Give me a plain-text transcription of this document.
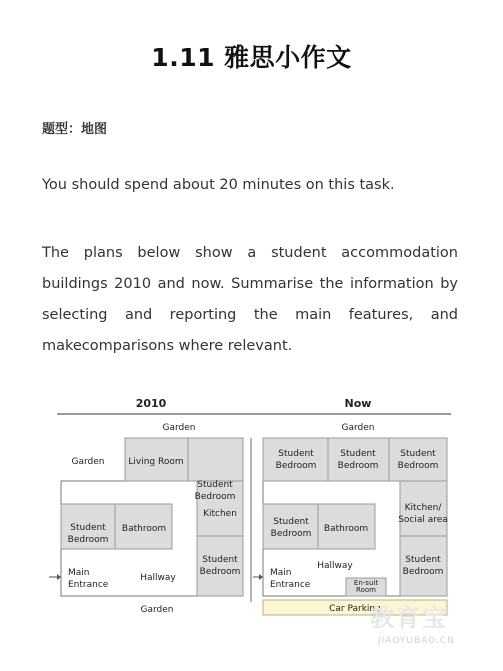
1.11 雅思小作文
题型：地图
You should spend about 20 minutes on this task.
The plans below show a student accommodation buildings 2010 and now. Summarise the information by selecting and reporting the main features, and makecomparisons where relevant.
2010	Now
Garden	Garden
Garden	Living Room
Student Bedroom
Student Bedroom
Bathroom
Kitchen
Student Bedroom
Main Entrance
Hallway
Garden
Student Bedroom
Student Bedroom
Student Bedroom
Kitchen/ Social area
Student Bedroom Bathroom
Student Bedroom
Main Entrance
Hallway
En-suit Room
Car Parking
教育宝
JIAOYUBAO.CN
